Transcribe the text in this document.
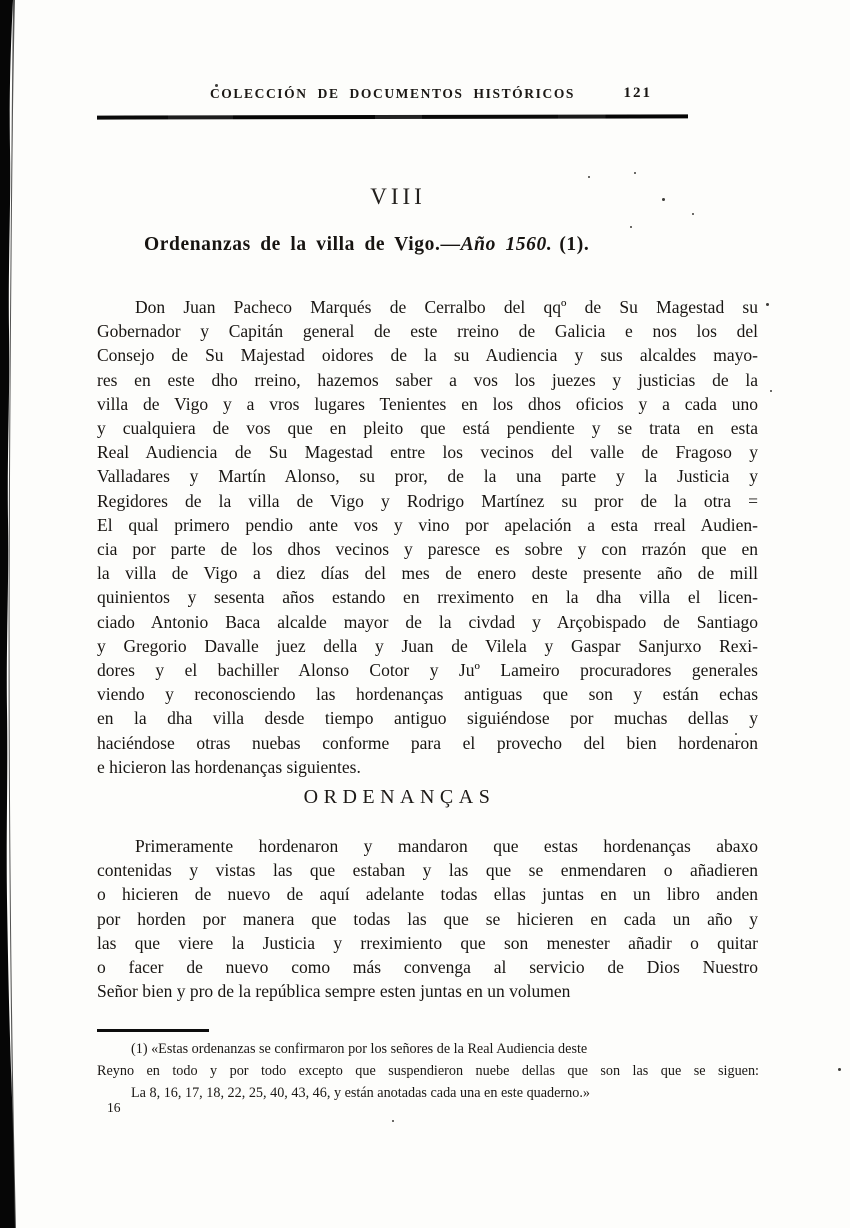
COLECCIÓN DE DOCUMENTOS HISTÓRICOS	121
VIII
Ordenanzas de la villa de Vigo.—Año 1560. (1).
Don Juan Pacheco Marqués de Cerralbo del qqº de Su Magestad su
Gobernador y Capitán general de este rreino de Galicia e nos los del
Consejo de Su Majestad oidores de la su Audiencia y sus alcaldes mayo-
res en este dho rreino, hazemos saber a vos los juezes y justicias de la
villa de Vigo y a vros lugares Tenientes en los dhos oficios y a cada uno
y cualquiera de vos que en pleito que está pendiente y se trata en esta
Real Audiencia de Su Magestad entre los vecinos del valle de Fragoso y
Valladares y Martín Alonso, su pror, de la una parte y la Justicia y
Regidores de la villa de Vigo y Rodrigo Martínez su pror de la otra =
El qual primero pendio ante vos y vino por apelación a esta rreal Audien-
cia por parte de los dhos vecinos y paresce es sobre y con rrazón que en
la villa de Vigo a diez días del mes de enero deste presente año de mill
quinientos y sesenta años estando en rreximento en la dha villa el licen-
ciado Antonio Baca alcalde mayor de la civdad y Arçobispado de Santiago
y Gregorio Davalle juez della y Juan de Vilela y Gaspar Sanjurxo Rexi-
dores y el bachiller Alonso Cotor y Juº Lameiro procuradores generales
viendo y reconosciendo las hordenanças antiguas que son y están echas
en la dha villa desde tiempo antiguo siguiéndose por muchas dellas y
haciéndose otras nuebas conforme para el provecho del bien hordenaron
e hicieron las hordenanças siguientes.
ORDENANÇAS
Primeramente hordenaron y mandaron que estas hordenanças abaxo
contenidas y vistas las que estaban y las que se enmendaren o añadieren
o hicieren de nuevo de aquí adelante todas ellas juntas en un libro anden
por horden por manera que todas las que se hicieren en cada un año y
las que viere la Justicia y rreximiento que son menester añadir o quitar
o facer de nuevo como más convenga al servicio de Dios Nuestro
Señor bien y pro de la república sempre esten juntas en un volumen
(1) «Estas ordenanzas se confirmaron por los señores de la Real Audiencia deste
Reyno en todo y por todo excepto que suspendieron nuebe dellas que son las que se siguen:
La 8, 16, 17, 18, 22, 25, 40, 43, 46, y están anotadas cada una en este quaderno.»
16
